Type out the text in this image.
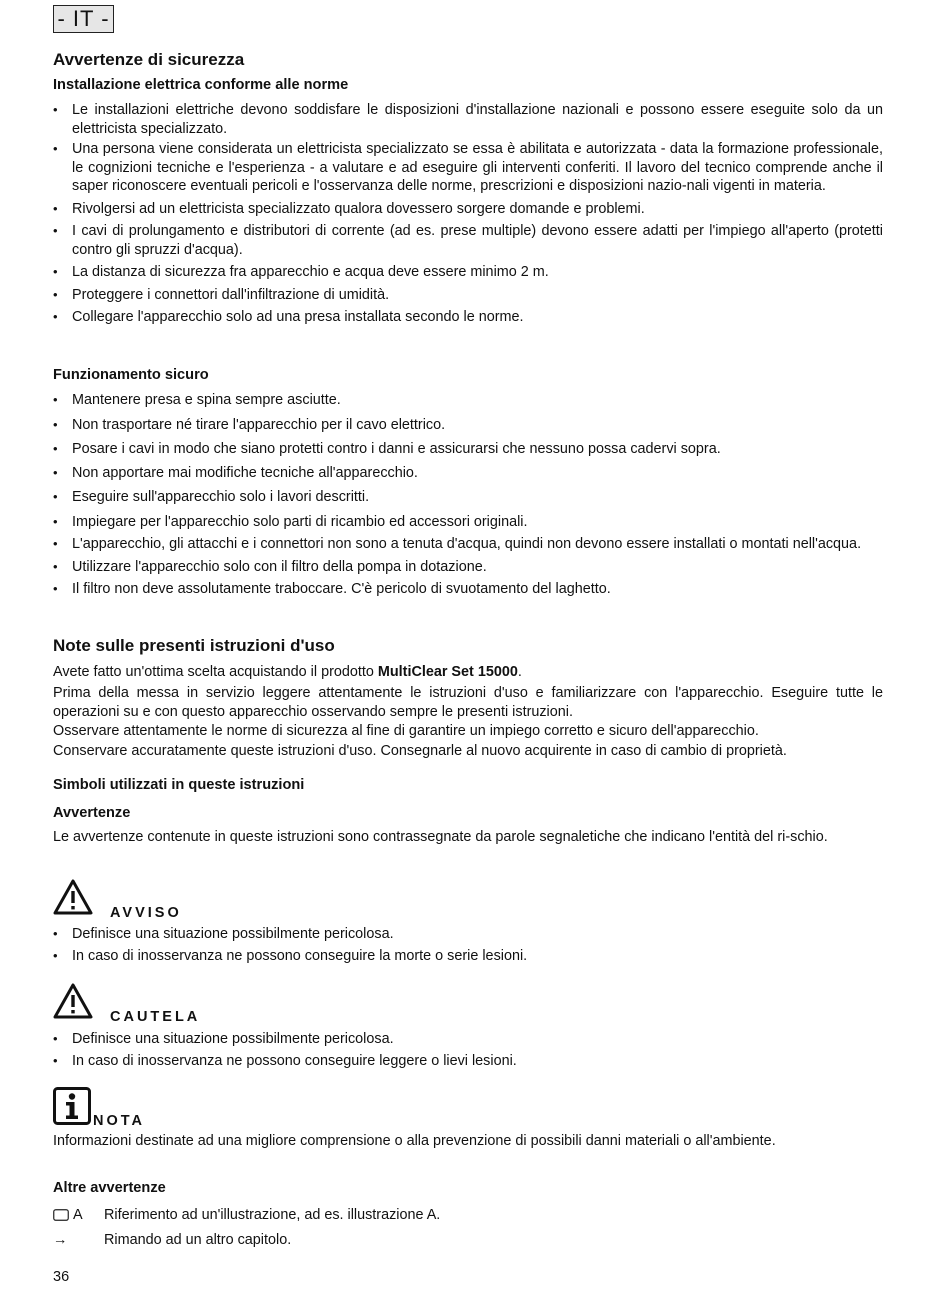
- IT -
Avvertenze di sicurezza
Installazione elettrica conforme alle norme
• Le installazioni elettriche devono soddisfare le disposizioni d'installazione nazionali e possono essere eseguite solo da un elettricista specializzato.
• Una persona viene considerata un elettricista specializzato se essa è abilitata e autorizzata - data la formazione professionale, le cognizioni tecniche e l'esperienza - a valutare e ad eseguire gli interventi conferiti. Il lavoro del tecnico comprende anche il saper riconoscere eventuali pericoli e l'osservanza delle norme, prescrizioni e disposizioni nazio-nali vigenti in materia.
• Rivolgersi ad un elettricista specializzato qualora dovessero sorgere domande e problemi.
• I cavi di prolungamento e distributori di corrente (ad es. prese multiple) devono essere adatti per l'impiego all'aperto (protetti contro gli spruzzi d'acqua).
• La distanza di sicurezza fra apparecchio e acqua deve essere minimo 2 m.
• Proteggere i connettori dall'infiltrazione di umidità.
• Collegare l'apparecchio solo ad una presa installata secondo le norme.
Funzionamento sicuro
• Mantenere presa e spina sempre asciutte.
• Non trasportare né tirare l'apparecchio per il cavo elettrico.
• Posare i cavi in modo che siano protetti contro i danni e assicurarsi che nessuno possa cadervi sopra.
• Non apportare mai modifiche tecniche all'apparecchio.
• Eseguire sull'apparecchio solo i lavori descritti.
• Impiegare per l'apparecchio solo parti di ricambio ed accessori originali.
• L'apparecchio, gli attacchi e i connettori non sono a tenuta d'acqua, quindi non devono essere installati o montati nell'acqua.
• Utilizzare l'apparecchio solo con il filtro della pompa in dotazione.
• Il filtro non deve assolutamente traboccare. C'è pericolo di svuotamento del laghetto.
Note sulle presenti istruzioni d'uso
Avete fatto un'ottima scelta acquistando il prodotto MultiClear Set 15000.
Prima della messa in servizio leggere attentamente le istruzioni d'uso e familiarizzare con l'apparecchio. Eseguire tutte le operazioni su e con questo apparecchio osservando sempre le presenti istruzioni.
Osservare attentamente le norme di sicurezza al fine di garantire un impiego corretto e sicuro dell'apparecchio.
Conservare accuratamente queste istruzioni d'uso. Consegnarle al nuovo acquirente in caso di cambio di proprietà.
Simboli utilizzati in queste istruzioni
Avvertenze
Le avvertenze contenute in queste istruzioni sono contrassegnate da parole segnaletiche che indicano l'entità del ri-schio.
AVVISO
• Definisce una situazione possibilmente pericolosa.
• In caso di inosservanza ne possono conseguire la morte o serie lesioni.
CAUTELA
• Definisce una situazione possibilmente pericolosa.
• In caso di inosservanza ne possono conseguire leggere o lievi lesioni.
NOTA
Informazioni destinate ad una migliore comprensione o alla prevenzione di possibili danni materiali o all'ambiente.
Altre avvertenze
A Riferimento ad un'illustrazione, ad es. illustrazione A.
→	Rimando ad un altro capitolo.
36
